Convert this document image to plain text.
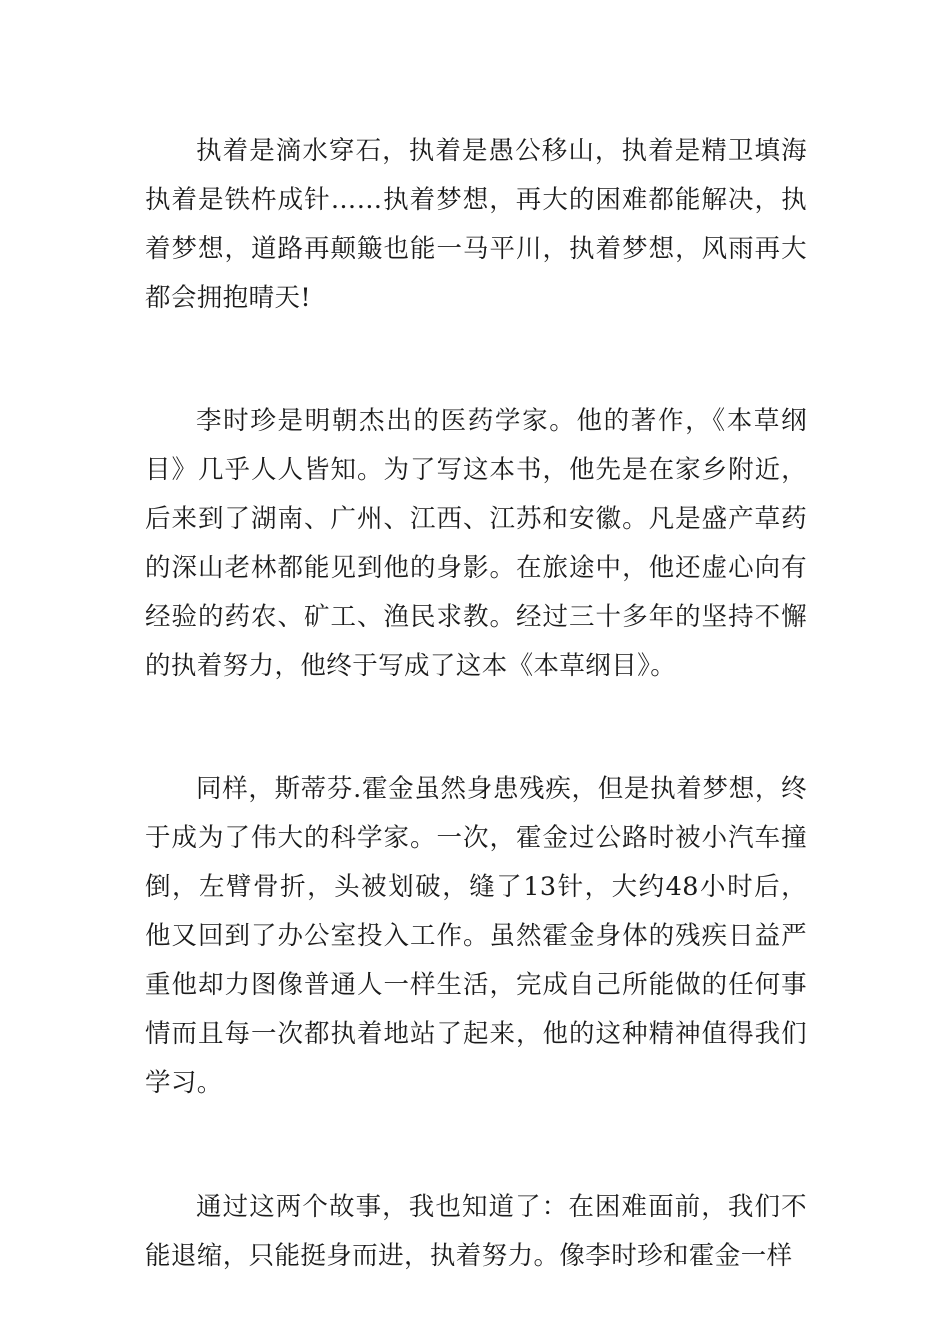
执着是滴水穿石，执着是愚公移山，执着是精卫填海执着是铁杵成针……执着梦想，再大的困难都能解决，执着梦想，道路再颠簸也能一马平川，执着梦想，风雨再大都会拥抱晴天!

李时珍是明朝杰出的医药学家。他的著作，《本草纲目》几乎人人皆知。为了写这本书，他先是在家乡附近，后来到了湖南、广州、江西、江苏和安徽。凡是盛产草药的深山老林都能见到他的身影。在旅途中，他还虚心向有经验的药农、矿工、渔民求教。经过三十多年的坚持不懈的执着努力，他终于写成了这本《本草纲目》。

同样，斯蒂芬.霍金虽然身患残疾，但是执着梦想，终于成为了伟大的科学家。一次，霍金过公路时被小汽车撞倒，左臂骨折，头被划破，缝了13针，大约48小时后，他又回到了办公室投入工作。虽然霍金身体的残疾日益严重他却力图像普通人一样生活，完成自己所能做的任何事情而且每一次都执着地站了起来，他的这种精神值得我们学习。

通过这两个故事，我也知道了：在困难面前，我们不能退缩，只能挺身而进，执着努力。像李时珍和霍金一样
